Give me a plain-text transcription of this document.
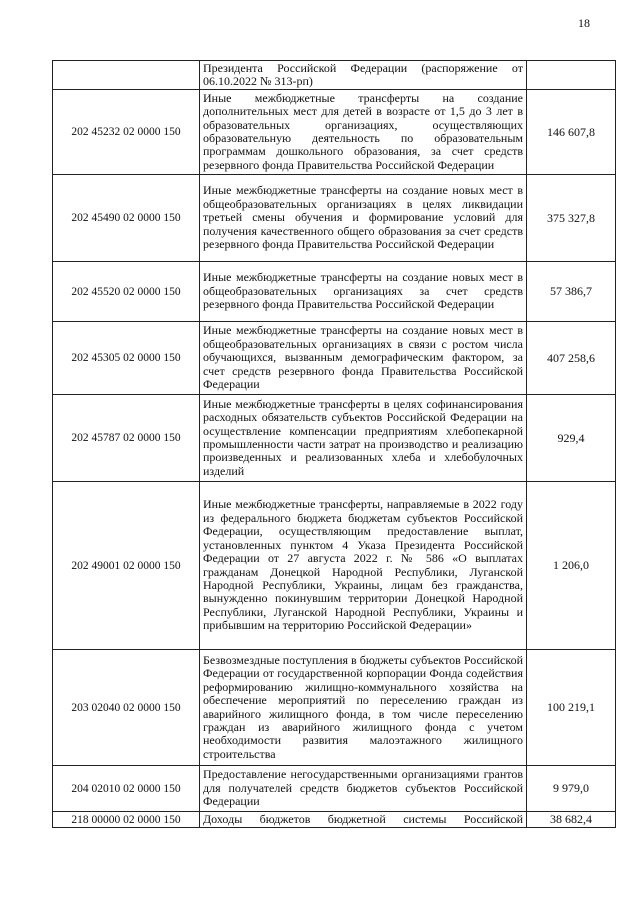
18
	Президента Российской Федерации (распоряжение от 06.10.2022 № 313-рп)	
202 45232 02 0000 150	Иные межбюджетные трансферты на создание дополнительных мест для детей в возрасте от 1,5 до 3 лет в образовательных организациях, осуществляющих образовательную деятельность по образовательным программам дошкольного образования, за счет средств резервного фонда Правительства Российской Федерации	146 607,8
202 45490 02 0000 150	Иные межбюджетные трансферты на создание новых мест в общеобразовательных организациях в целях ликвидации третьей смены обучения и формирование условий для получения качественного общего образования за счет средств резервного фонда Правительства Российской Федерации	375 327,8
202 45520 02 0000 150	Иные межбюджетные трансферты на создание новых мест в общеобразовательных организациях за счет средств резервного фонда Правительства Российской Федерации	57 386,7
202 45305 02 0000 150	Иные межбюджетные трансферты на создание новых мест в общеобразовательных организациях в связи с ростом числа обучающихся, вызванным демографическим фактором, за счет средств резервного фонда Правительства Российской Федерации	407 258,6
202 45787 02 0000 150	Иные межбюджетные трансферты в целях софинансирования расходных обязательств субъектов Российской Федерации на осуществление компенсации предприятиям хлебопекарной промышленности части затрат на производство и реализацию произведенных и реализованных хлеба и хлебобулочных изделий	929,4
202 49001 02 0000 150	Иные межбюджетные трансферты, направляемые в 2022 году из федерального бюджета бюджетам субъектов Российской Федерации, осуществляющим предоставление выплат, установленных пунктом 4 Указа Президента Российской Федерации от 27 августа 2022 г. № 586 «О выплатах гражданам Донецкой Народной Республики, Луганской Народной Республики, Украины, лицам без гражданства, вынужденно покинувшим территории Донецкой Народной Республики, Луганской Народной Республики, Украины и прибывшим на территорию Российской Федерации»	1 206,0
203 02040 02 0000 150	Безвозмездные поступления в бюджеты субъектов Российской Федерации от государственной корпорации Фонда содействия реформированию жилищно-коммунального хозяйства на обеспечение мероприятий по переселению граждан из аварийного жилищного фонда, в том числе переселению граждан из аварийного жилищного фонда с учетом необходимости развития малоэтажного жилищного строительства	100 219,1
204 02010 02 0000 150	Предоставление негосударственными организациями грантов для получателей средств бюджетов субъектов Российской Федерации	9 979,0
218 00000 02 0000 150	Доходы бюджетов бюджетной системы Российской	38 682,4
